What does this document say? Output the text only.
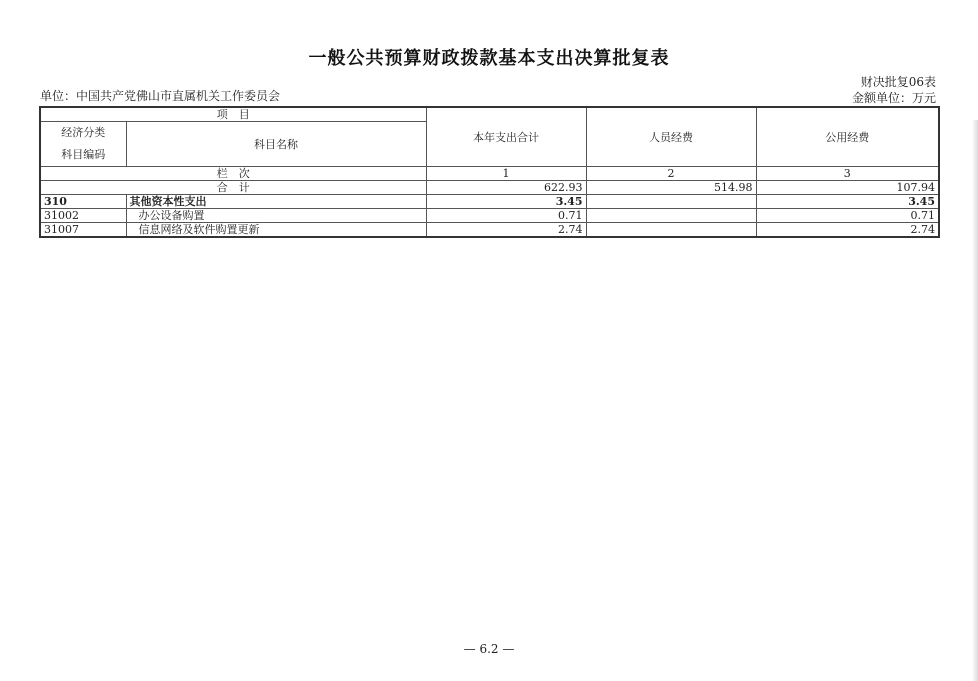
一般公共预算财政拨款基本支出决算批复表
单位：中国共产党佛山市直属机关工作委员会
财决批复06表
金额单位：万元
项　目		本年支出合计	人员经费	公用经费

经济分类
科目编码	科目名称			
栏　次		1	2	3
合　计		622.93	514.98	107.94
310	其他资本性支出	3.45		3.45
31002	办公设备购置	0.71		0.71
31007	信息网络及软件购置更新	2.74		2.74
— 6.2 —
